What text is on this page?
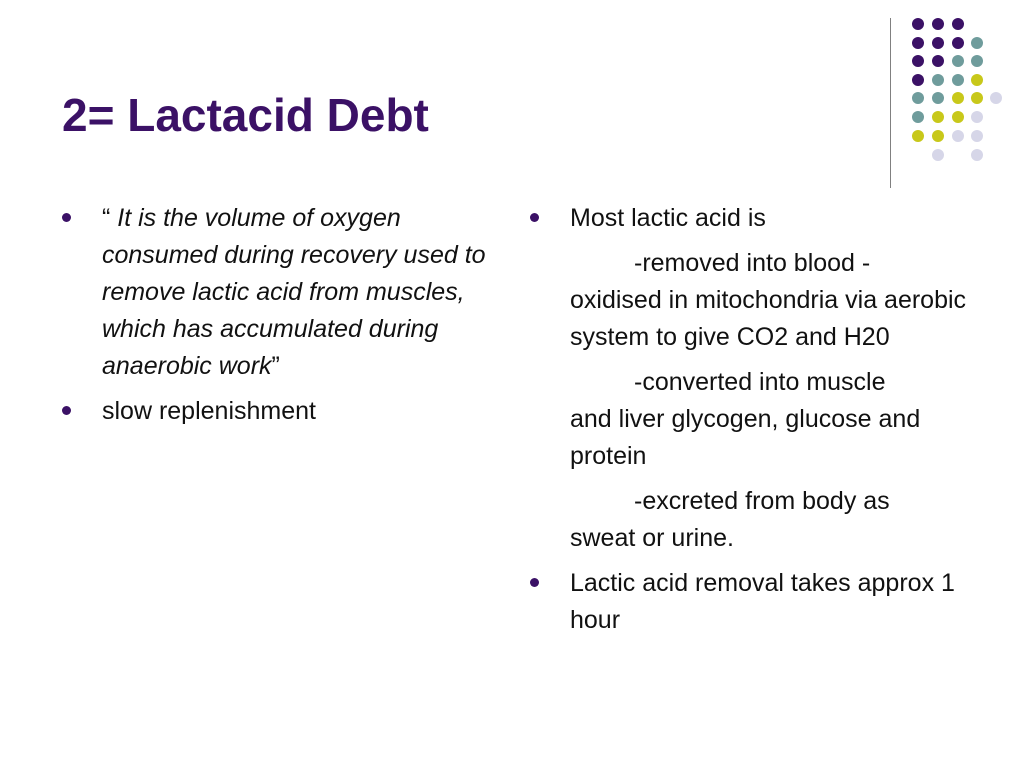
2= Lactacid Debt
“ It is the volume of oxygen consumed during recovery used to remove lactic acid from muscles, which has accumulated during anaerobic work”
slow replenishment
Most lactic acid is
-removed into blood -
oxidised in mitochondria via aerobic system to give CO2 and H20
-converted into muscle
and liver glycogen, glucose and protein
-excreted from body as
sweat or urine.
Lactic acid removal takes approx 1 hour
